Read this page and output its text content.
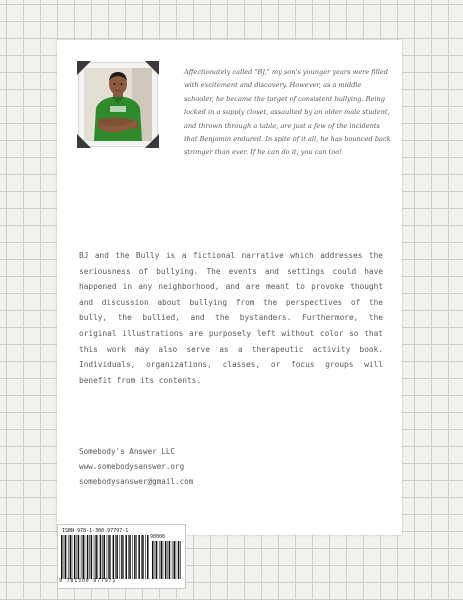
Affectionately called "BJ," my son's younger years were filled with excitement and discovery. However, as a middle schooler, he became the target of consistent bullying. Being locked in a supply closet, assaulted by an older male student, and thrown through a table, are just a few of the incidents that Benjamin endured. In spite of it all, he has bounced back stronger than ever. If he can do it, you can too!

BJ and the Bully is a fictional narrative which addresses the seriousness of bullying. The events and settings could have happened in any neighborhood, and are meant to provoke thought and discussion about bullying from the perspectives of the bully, the bullied, and the bystanders. Furthermore, the original illustrations are purposely left without color so that this work may also serve as a therapeutic activity book. Individuals, organizations, classes, or focus groups will benefit from its contents.

Somebody's Answer LLC
www.somebodysanswer.org
somebodysanswer@gmail.com
ISBN 978-1-300-97797-1
90000
9 781300 977971
